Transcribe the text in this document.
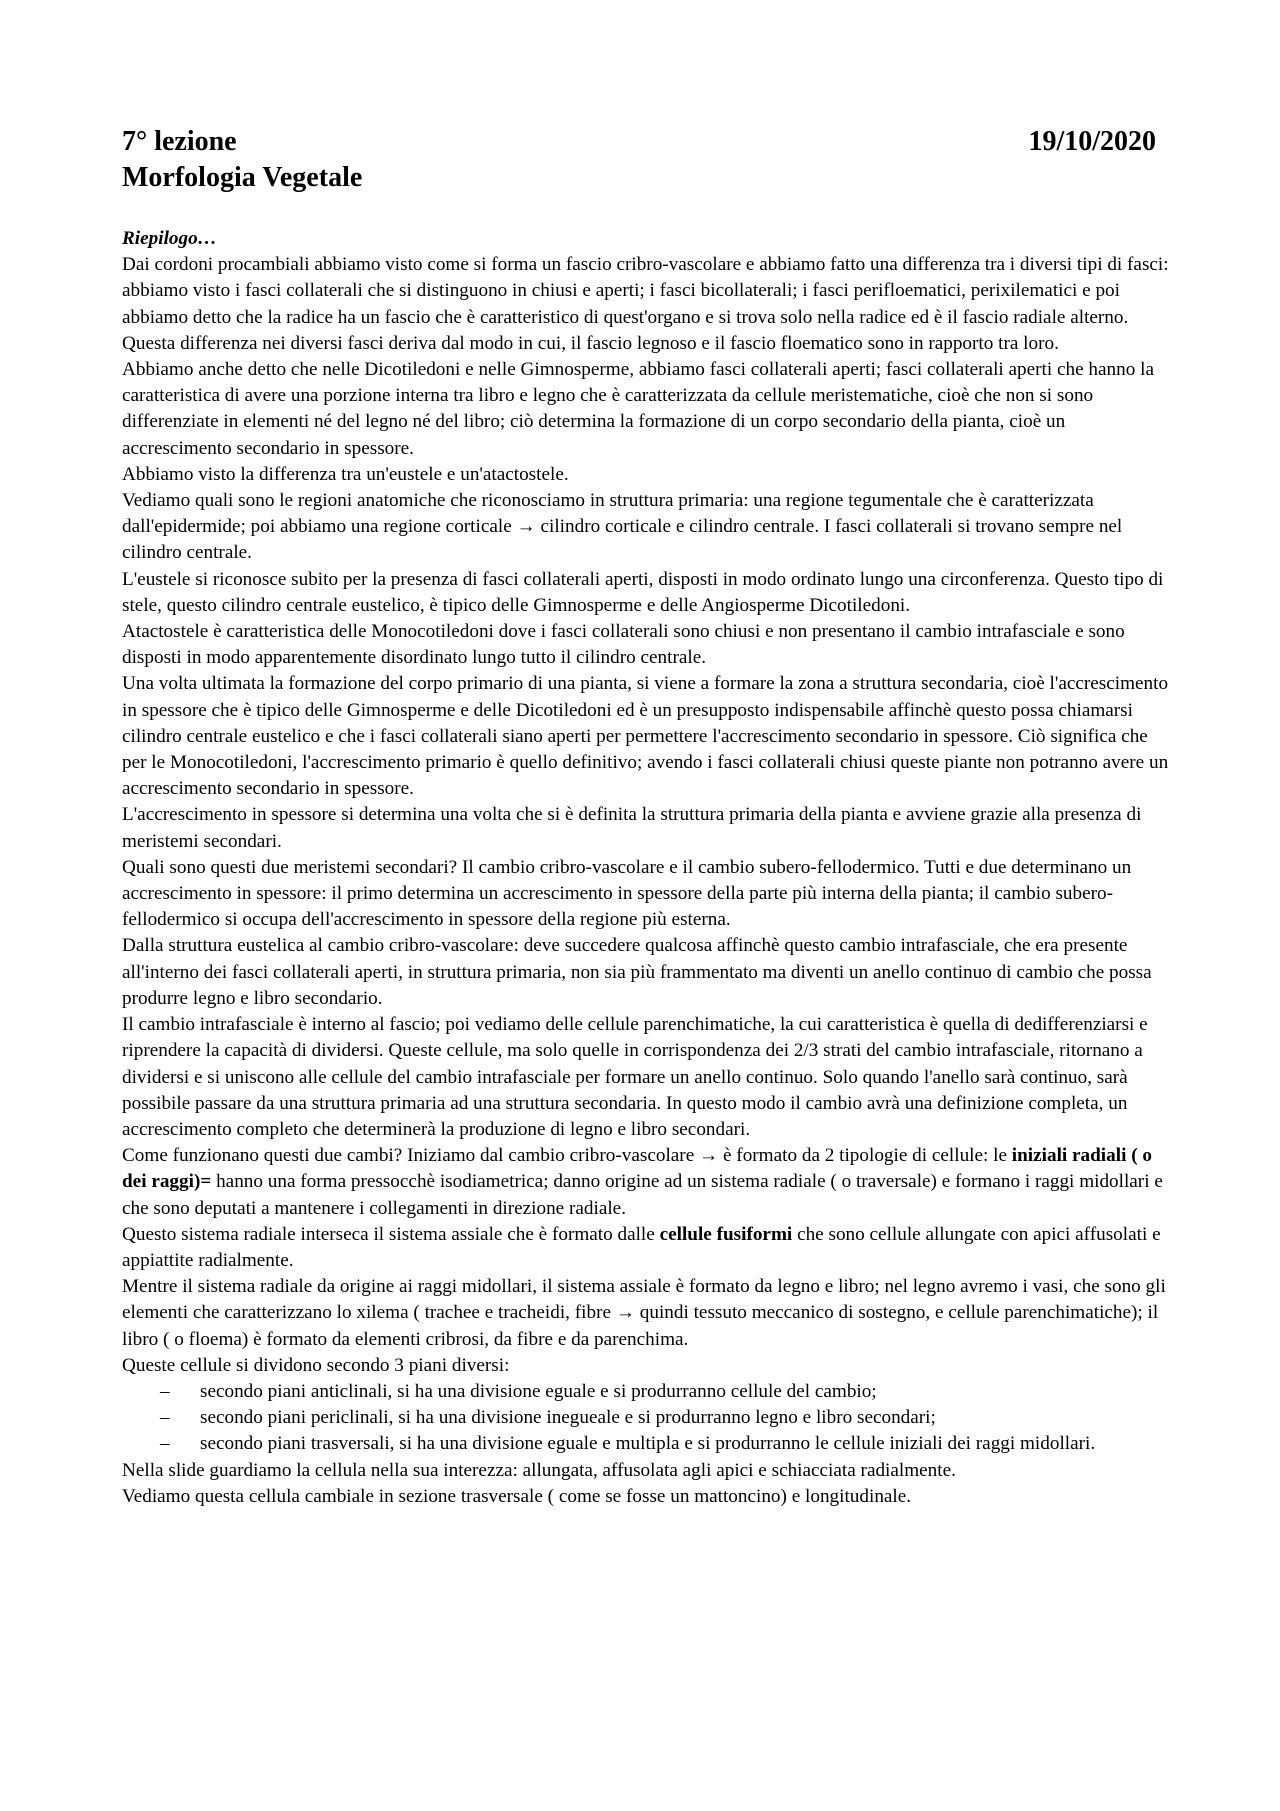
7° lezione	19/10/2020
Morfologia Vegetale

Riepilogo…

Dai cordoni procambiali abbiamo visto come si forma un fascio cribro-vascolare e abbiamo fatto una differenza tra i diversi tipi di fasci: abbiamo visto i fasci collaterali che si distinguono in chiusi e aperti; i fasci bicollaterali; i fasci perifloematici, perixilematici e poi abbiamo detto che la radice ha un fascio che è caratteristico di quest'organo e si trova solo nella radice ed è il fascio radiale alterno. Questa differenza nei diversi fasci deriva dal modo in cui, il fascio legnoso e il fascio floematico sono in rapporto tra loro.

Abbiamo anche detto che nelle Dicotiledoni e nelle Gimnosperme, abbiamo fasci collaterali aperti; fasci collaterali aperti che hanno la caratteristica di avere una porzione interna tra libro e legno che è caratterizzata da cellule meristematiche, cioè che non si sono differenziate in elementi né del legno né del libro; ciò determina la formazione di un corpo secondario della pianta, cioè un accrescimento secondario in spessore.

Abbiamo visto la differenza tra un'eustele e un'atactostele.

Vediamo quali sono le regioni anatomiche che riconosciamo in struttura primaria: una regione tegumentale che è caratterizzata dall'epidermide; poi abbiamo una regione corticale → cilindro corticale e cilindro centrale. I fasci collaterali si trovano sempre nel cilindro centrale.

L'eustele si riconosce subito per la presenza di fasci collaterali aperti, disposti in modo ordinato lungo una circonferenza. Questo tipo di stele, questo cilindro centrale eustelico, è tipico delle Gimnosperme e delle Angiosperme Dicotiledoni.

Atactostele è caratteristica delle Monocotiledoni dove i fasci collaterali sono chiusi e non presentano il cambio intrafasciale e sono disposti in modo apparentemente disordinato lungo tutto il cilindro centrale.

Una volta ultimata la formazione del corpo primario di una pianta, si viene a formare la zona a struttura secondaria, cioè l'accrescimento in spessore che è tipico delle Gimnosperme e delle Dicotiledoni ed è un presupposto indispensabile affinchè questo possa chiamarsi cilindro centrale eustelico e che i fasci collaterali siano aperti per permettere l'accrescimento secondario in spessore. Ciò significa che per le Monocotiledoni, l'accrescimento primario è quello definitivo; avendo i fasci collaterali chiusi queste piante non potranno avere un accrescimento secondario in spessore.

L'accrescimento in spessore si determina una volta che si è definita la struttura primaria della pianta e avviene grazie alla presenza di meristemi secondari.

Quali sono questi due meristemi secondari? Il cambio cribro-vascolare e il cambio subero-fellodermico. Tutti e due determinano un accrescimento in spessore: il primo determina un accrescimento in spessore della parte più interna della pianta; il cambio subero-fellodermico si occupa dell'accrescimento in spessore della regione più esterna.

Dalla struttura eustelica al cambio cribro-vascolare: deve succedere qualcosa affinchè questo cambio intrafasciale, che era presente all'interno dei fasci collaterali aperti, in struttura primaria, non sia più frammentato ma diventi un anello continuo di cambio che possa produrre legno e libro secondario.

Il cambio intrafasciale è interno al fascio; poi vediamo delle cellule parenchimatiche, la cui caratteristica è quella di dedifferenziarsi e riprendere la capacità di dividersi. Queste cellule, ma solo quelle in corrispondenza dei 2/3 strati del cambio intrafasciale, ritornano a dividersi e si uniscono alle cellule del cambio intrafasciale per formare un anello continuo. Solo quando l'anello sarà continuo, sarà possibile passare da una struttura primaria ad una struttura secondaria. In questo modo il cambio avrà una definizione completa, un accrescimento completo che determinerà la produzione di legno e libro secondari.

Come funzionano questi due cambi? Iniziamo dal cambio cribro-vascolare → è formato da 2 tipologie di cellule: le iniziali radiali ( o dei raggi)= hanno una forma pressocchè isodiametrica; danno origine ad un sistema radiale ( o traversale) e formano i raggi midollari e che sono deputati a mantenere i collegamenti in direzione radiale.

Questo sistema radiale interseca il sistema assiale che è formato dalle cellule fusiformi che sono cellule allungate con apici affusolati e appiattite radialmente.

Mentre il sistema radiale da origine ai raggi midollari, il sistema assiale è formato da legno e libro; nel legno avremo i vasi, che sono gli elementi che caratterizzano lo xilema ( trachee e tracheidi, fibre → quindi tessuto meccanico di sostegno, e cellule parenchimatiche); il libro ( o floema) è formato da elementi cribrosi, da fibre e da parenchima.

Queste cellule si dividono secondo 3 piani diversi:

– secondo piani anticlinali, si ha una divisione eguale e si produrranno cellule del cambio;
– secondo piani periclinali, si ha una divisione inegueale e si produrranno legno e libro secondari;
– secondo piani trasversali, si ha una divisione eguale e multipla e si produrranno le cellule iniziali dei raggi midollari.

Nella slide guardiamo la cellula nella sua interezza: allungata, affusolata agli apici e schiacciata radialmente.

Vediamo questa cellula cambiale in sezione trasversale ( come se fosse un mattoncino) e longitudinale.
